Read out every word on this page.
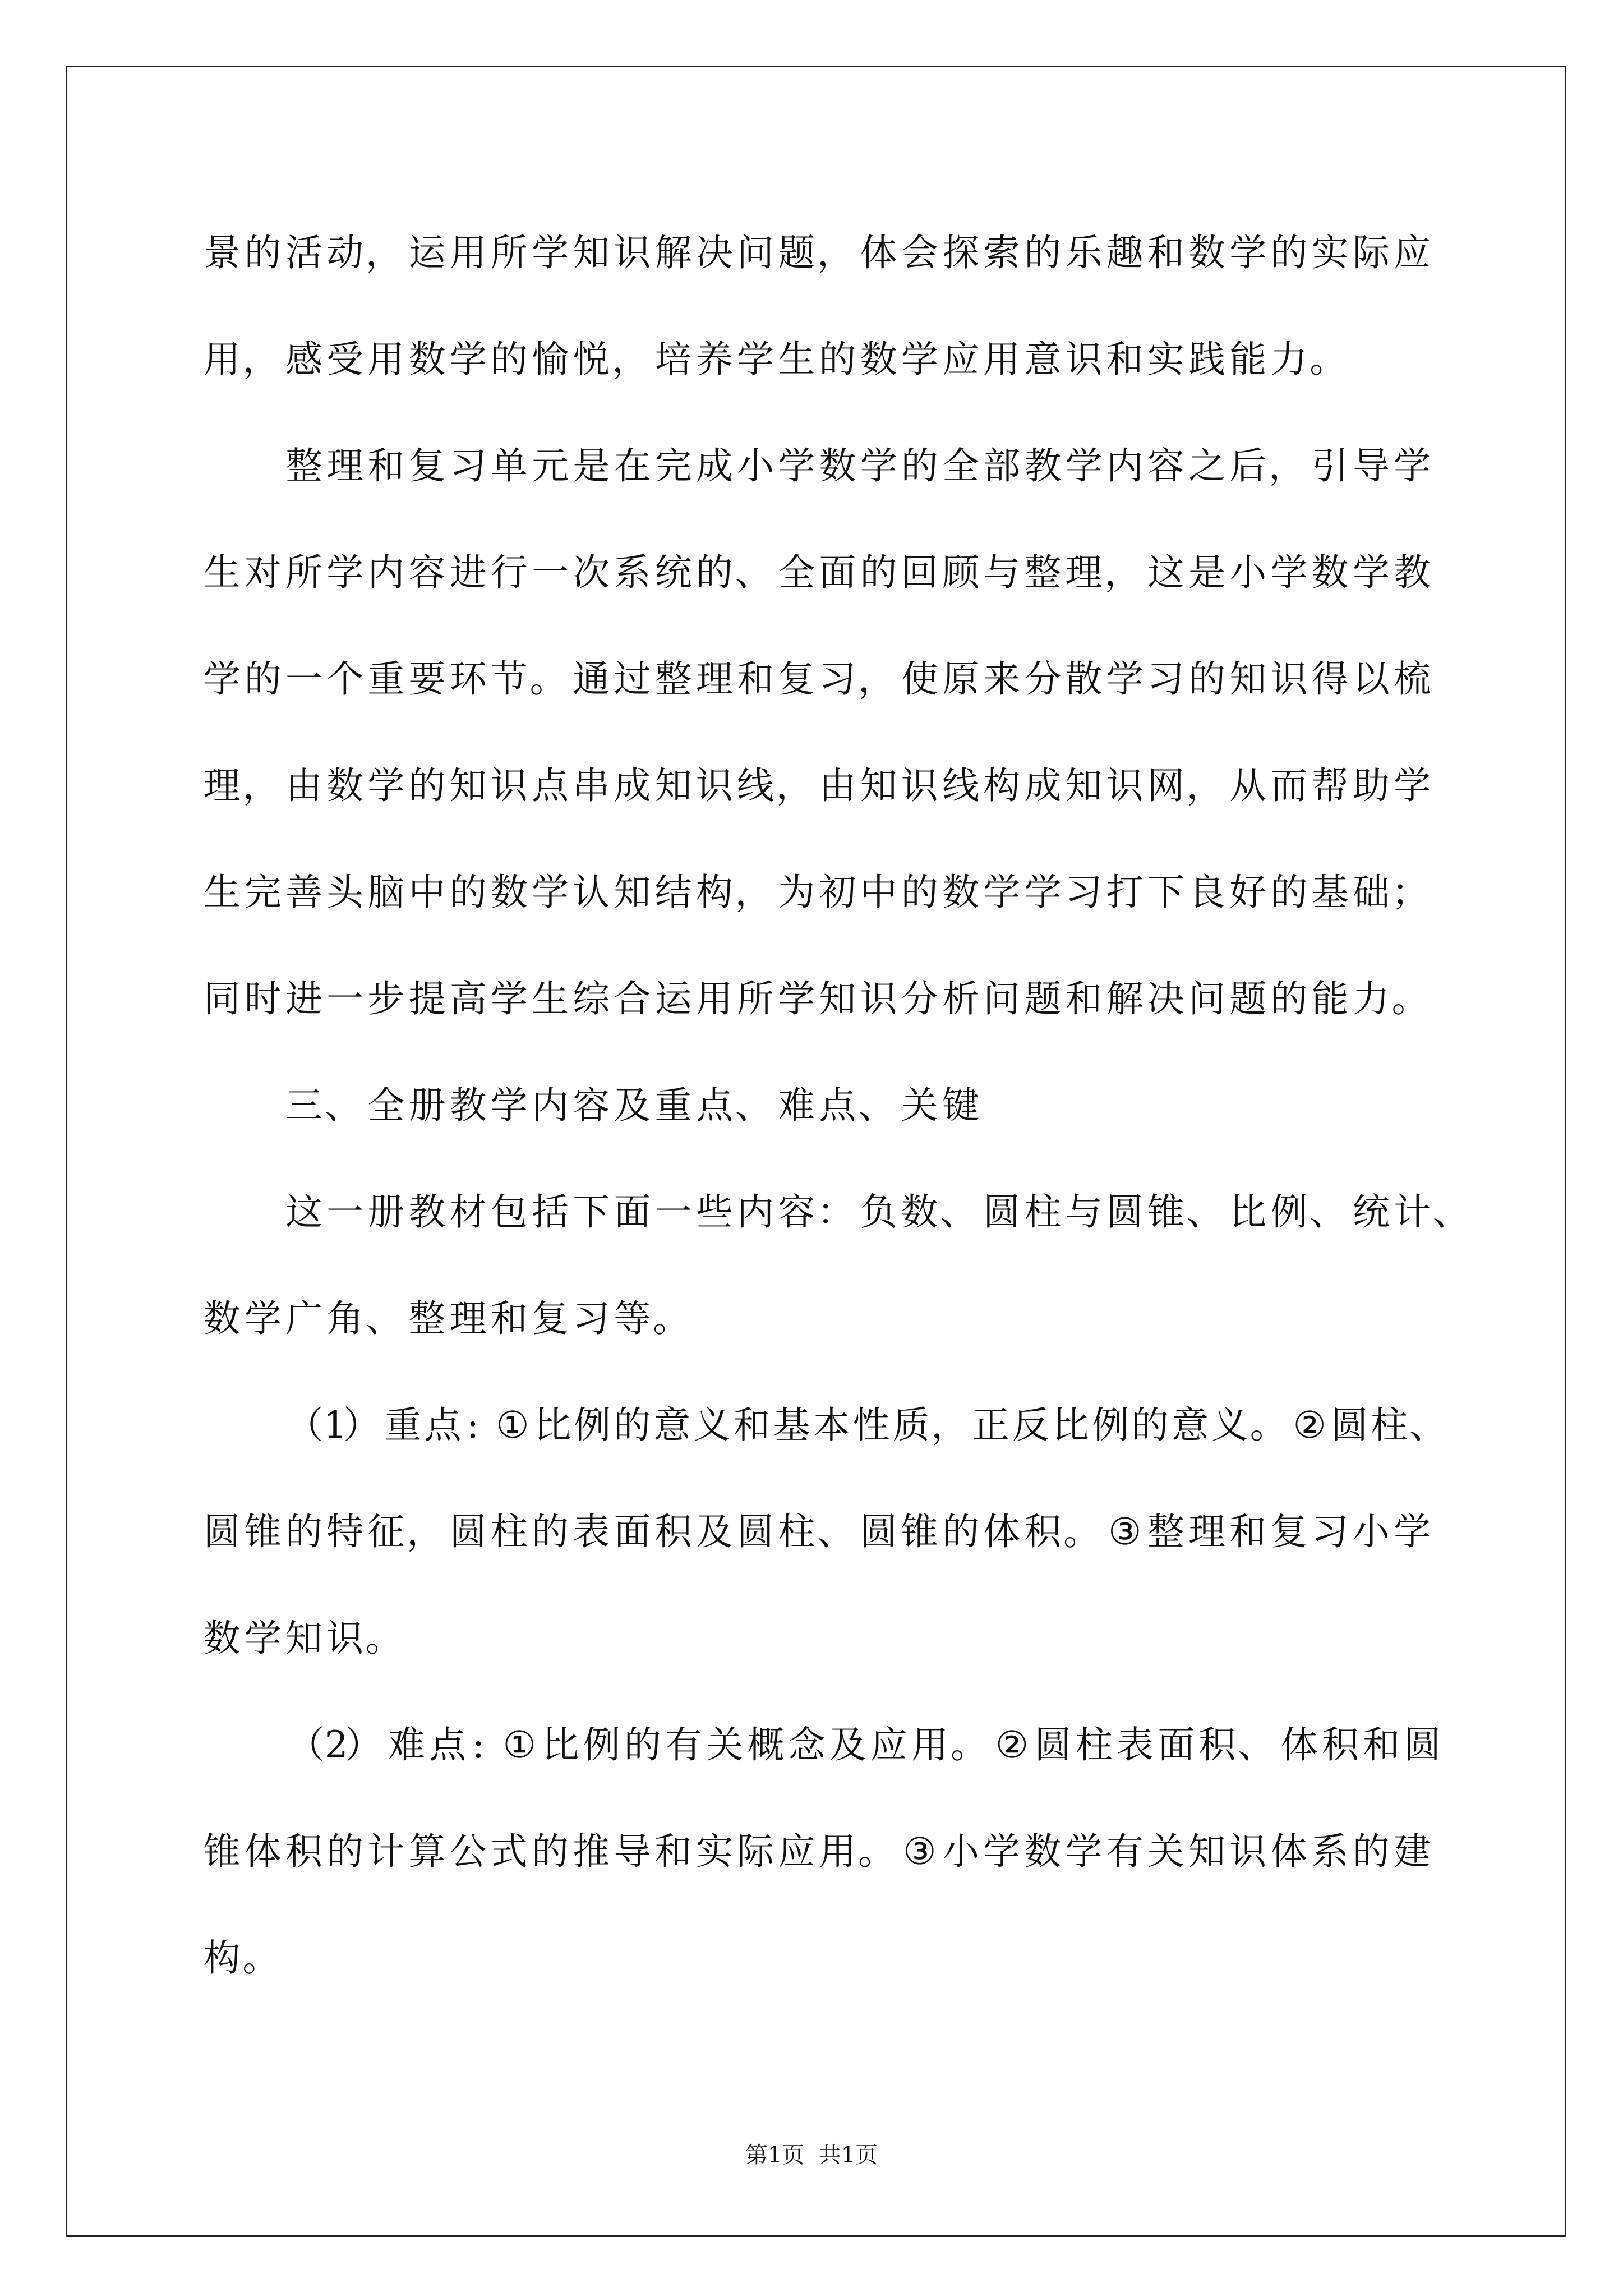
景 的 活 动， 运 用 所 学 知 识 解 决 问 题， 体 会 探 索 的 乐 趣 和 数 学 的 实 际 应
用， 感 受 用 数 学 的 愉 悦， 培 养 学 生 的 数 学 应 用 意 识 和 实 践 能 力。
整 理 和 复 习 单 元 是 在 完 成 小 学 数 学 的 全 部 教 学 内 容 之 后， 引 导 学
生 对 所 学 内 容 进 行 一 次 系 统 的、 全 面 的 回 顾 与 整 理， 这 是 小 学 数 学 教
学 的 一 个 重 要 环 节。 通 过 整 理 和 复 习， 使 原 来 分 散 学 习 的 知 识 得 以 梳
理， 由 数 学 的 知 识 点 串 成 知 识 线， 由 知 识 线 构 成 知 识 网， 从 而 帮 助 学
生 完 善 头 脑 中 的 数 学 认 知 结 构， 为 初 中 的 数 学 学 习 打 下 良 好 的 基 础；
同 时 进 一 步 提 高 学 生 综 合 运 用 所 学 知 识 分 析 问 题 和 解 决 问 题 的 能 力。
三、 全 册 教 学 内 容 及 重 点、 难 点、 关 键
这 一 册 教 材 包 括 下 面 一 些 内 容： 负 数、 圆 柱 与 圆 锥、 比 例、 统 计、
数 学 广 角、 整 理 和 复 习 等。
（1） 重点 : ① 比例的意义和基本性质， 正反比例的意义。 ② 圆柱、
圆 锥 的 特 征， 圆 柱 的 表 面 积 及 圆 柱、 圆 锥 的 体 积。 ③ 整 理 和 复 习 小 学
数 学 知 识。
（2） 难 点 : ① 比 例 的 有 关 概 念 及 应 用。 ② 圆 柱 表 面 积、 体 积 和 圆
锥 体 积 的 计 算 公 式 的 推 导 和 实 际 应 用。 ③ 小 学 数 学 有 关 知 识 体 系 的 建
构。
第1页  共1页
